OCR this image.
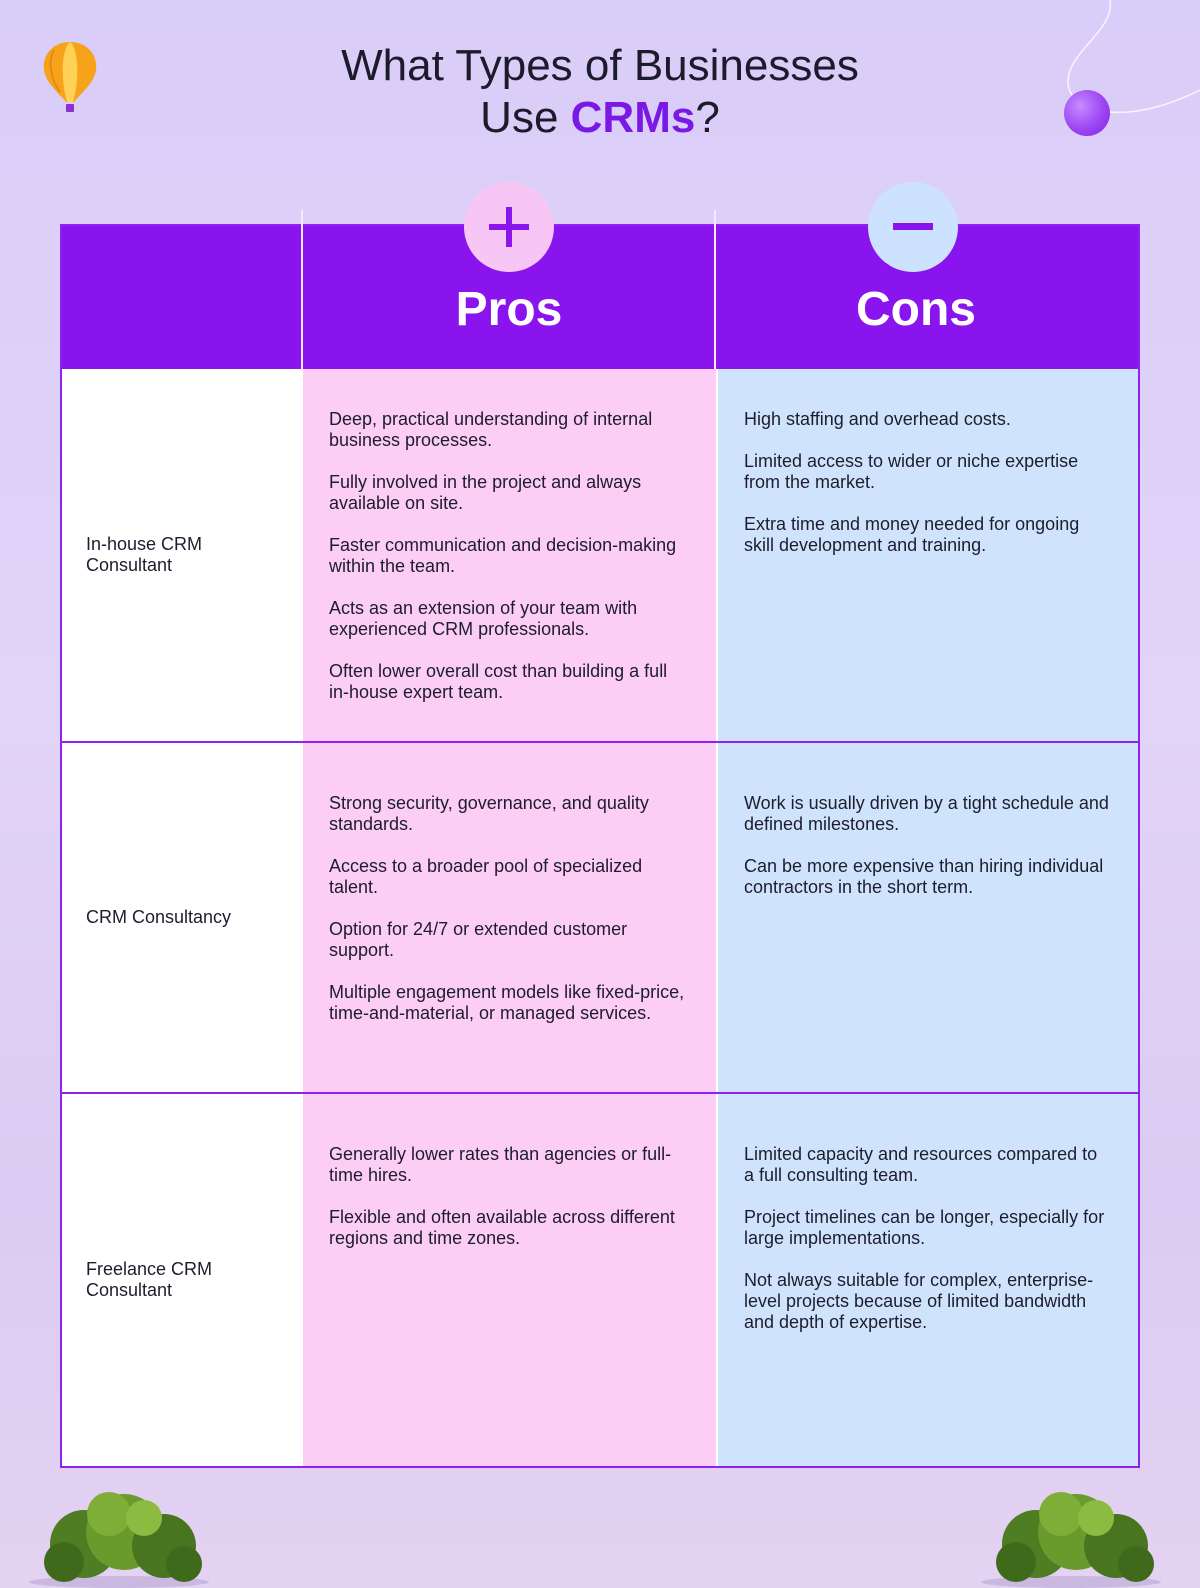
What Types of Businesses
Use CRMs?
Pros	Cons
In-house CRM Consultant
Deep, practical understanding of internal business processes.
Fully involved in the project and always available on site.
Faster communication and decision-making within the team.
Acts as an extension of your team with experienced CRM professionals.
Often lower overall cost than building a full in-house expert team.
High staffing and overhead costs.
Limited access to wider or niche expertise from the market.
Extra time and money needed for ongoing skill development and training.
CRM Consultancy
Strong security, governance, and quality standards.
Access to a broader pool of specialized talent.
Option for 24/7 or extended customer support.
Multiple engagement models like fixed-price, time-and-material, or managed services.
Work is usually driven by a tight schedule and defined milestones.
Can be more expensive than hiring individual contractors in the short term.
Freelance CRM Consultant
Generally lower rates than agencies or full-time hires.
Flexible and often available across different regions and time zones.
Limited capacity and resources compared to a full consulting team.
Project timelines can be longer, especially for large implementations.
Not always suitable for complex, enterprise-level projects because of limited bandwidth and depth of expertise.
